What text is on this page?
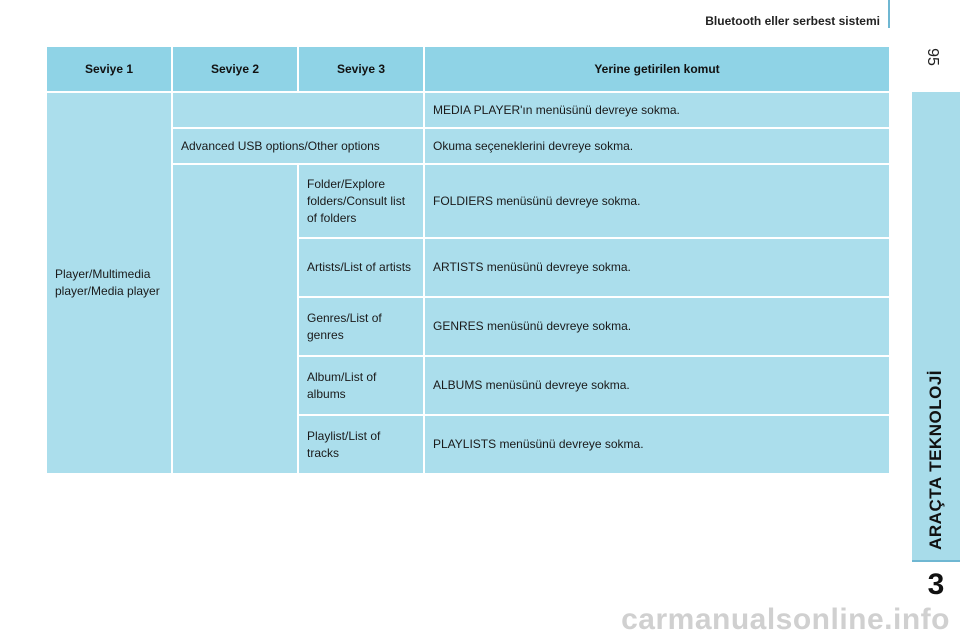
Bluetooth eller serbest sistemi
95
ARAÇTA TEKNOLOJİ
3
Seviye 1	Seviye 2	Seviye 3	Yerine getirilen komut
Player/Multimedia player/Media player			MEDIA PLAYER'ın menüsünü devreye sokma.
	Advanced USB options/Other options		Okuma seçeneklerini devreye sokma.
		Folder/Explore folders/Consult list of folders	FOLDIERS menüsünü devreye sokma.
		Artists/List of artists	ARTISTS menüsünü devreye sokma.
		Genres/List of genres	GENRES menüsünü devreye sokma.
		Album/List of albums	ALBUMS menüsünü devreye sokma.
		Playlist/List of tracks	PLAYLISTS menüsünü devreye sokma.
carmanualsonline.info
